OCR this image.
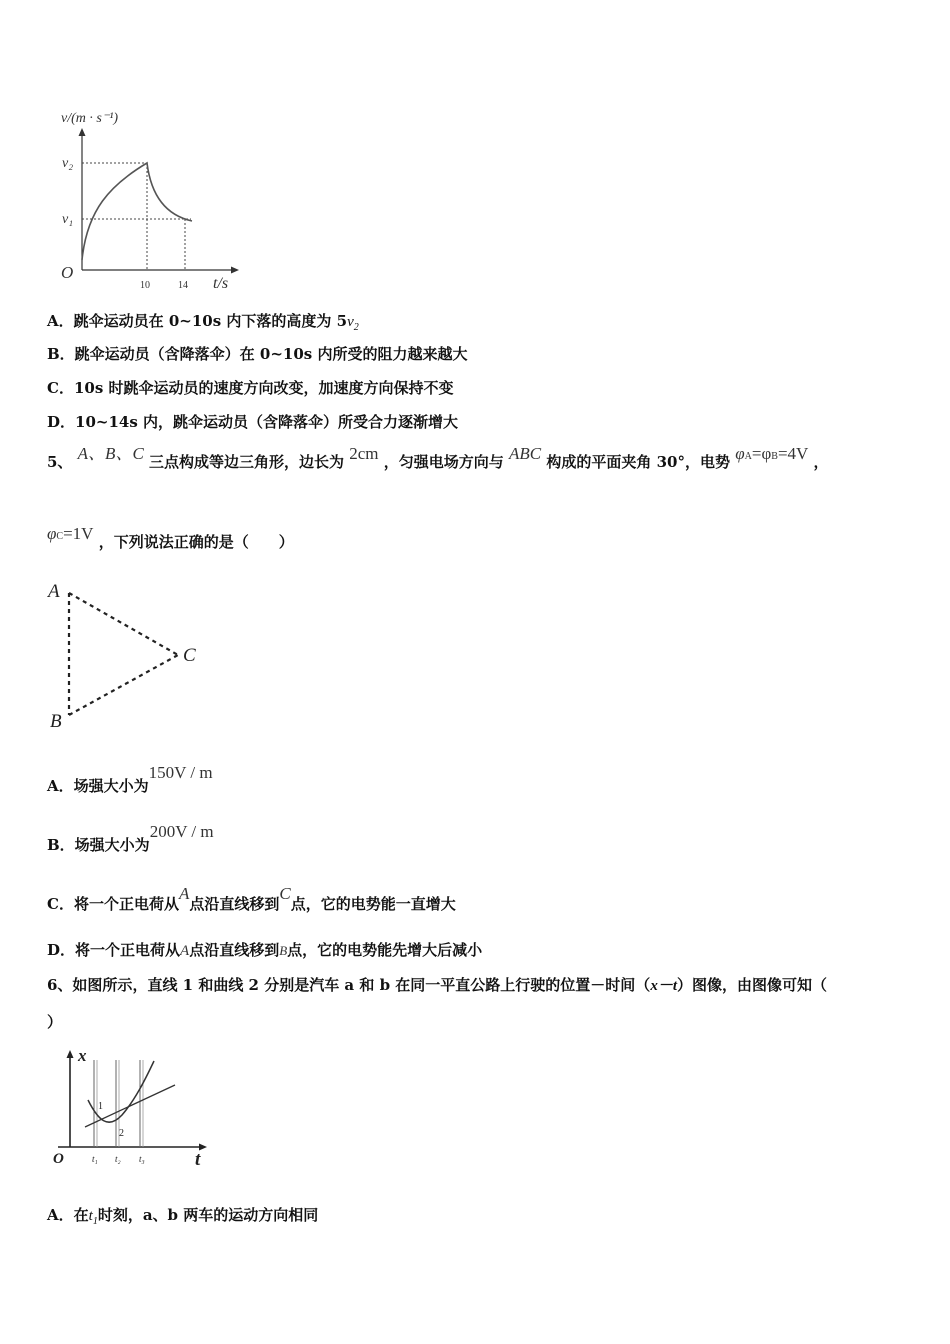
v/(m · s⁻¹)
v₂
v₁
O
10	14 t/s
A．跳伞运动员在 0~10s 内下落的高度为 $5v_2$
B．跳伞运动员（含降落伞）在 0~10s 内所受的阻力越来越大
C．10s 时跳伞运动员的速度方向改变，加速度方向保持不变
D．10~14s 内，跳伞运动员（含降落伞）所受合力逐渐增大
5、 A、B、C 三点构成等边三角形，边长为 2cm ，匀强电场方向与 ABC 构成的平面夹角 30°，电势 φA=φB=4V ，
φC=1V ，下列说法正确的是（　　）
A
B
C
A．场强大小为150V / m
B．场强大小为200V / m
C．将一个正电荷从A点沿直线移到C点，它的电势能一直增大
D．将一个正电荷从A点沿直线移到B点，它的电势能先增大后减小
6、如图所示，直线 1 和曲线 2 分别是汽车 a 和 b 在同一平直公路上行驶的位置－时间（x－t）图像，由图像可知（
）
1
2
x
O	t₁ t₂ t₃	t
A．在$t_1$时刻，a、b 两车的运动方向相同
